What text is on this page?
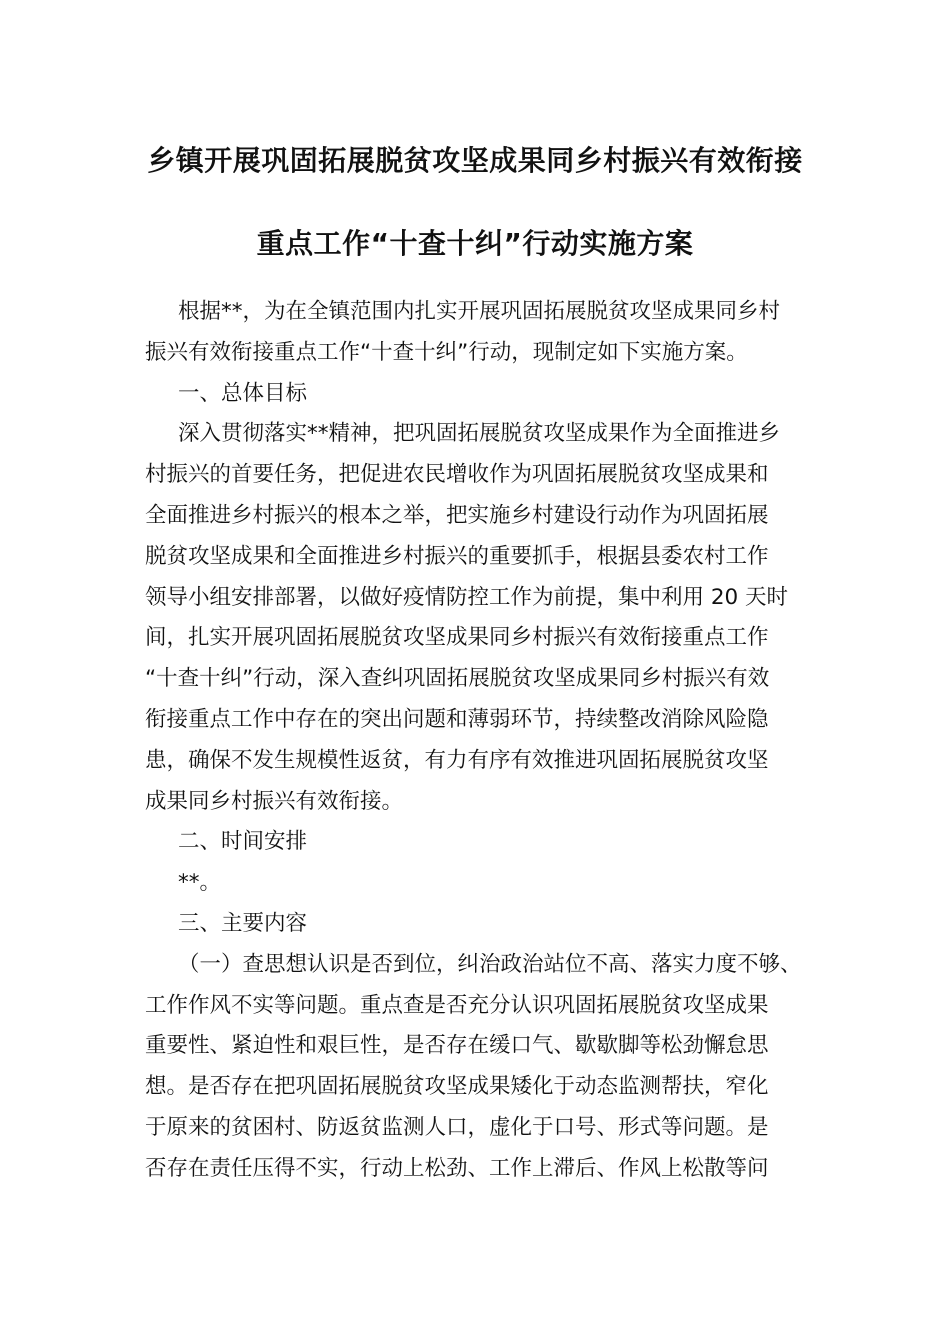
乡镇开展巩固拓展脱贫攻坚成果同乡村振兴有效衔接
重点工作“十查十纠”行动实施方案

根据**，为在全镇范围内扎实开展巩固拓展脱贫攻坚成果同乡村

振兴有效衔接重点工作“十查十纠”行动，现制定如下实施方案。

一、总体目标

深入贯彻落实**精神，把巩固拓展脱贫攻坚成果作为全面推进乡

村振兴的首要任务，把促进农民增收作为巩固拓展脱贫攻坚成果和

全面推进乡村振兴的根本之举，把实施乡村建设行动作为巩固拓展

脱贫攻坚成果和全面推进乡村振兴的重要抓手，根据县委农村工作

领导小组安排部署，以做好疫情防控工作为前提，集中利用 20 天时

间，扎实开展巩固拓展脱贫攻坚成果同乡村振兴有效衔接重点工作

“十查十纠”行动，深入查纠巩固拓展脱贫攻坚成果同乡村振兴有效

衔接重点工作中存在的突出问题和薄弱环节，持续整改消除风险隐

患，确保不发生规模性返贫，有力有序有效推进巩固拓展脱贫攻坚

成果同乡村振兴有效衔接。

二、时间安排

**。

三、主要内容

（一）查思想认识是否到位，纠治政治站位不高、落实力度不够、

工作作风不实等问题。重点查是否充分认识巩固拓展脱贫攻坚成果

重要性、紧迫性和艰巨性，是否存在缓口气、歇歇脚等松劲懈怠思

想。是否存在把巩固拓展脱贫攻坚成果矮化于动态监测帮扶，窄化

于原来的贫困村、防返贫监测人口，虚化于口号、形式等问题。是

否存在责任压得不实，行动上松劲、工作上滞后、作风上松散等问
